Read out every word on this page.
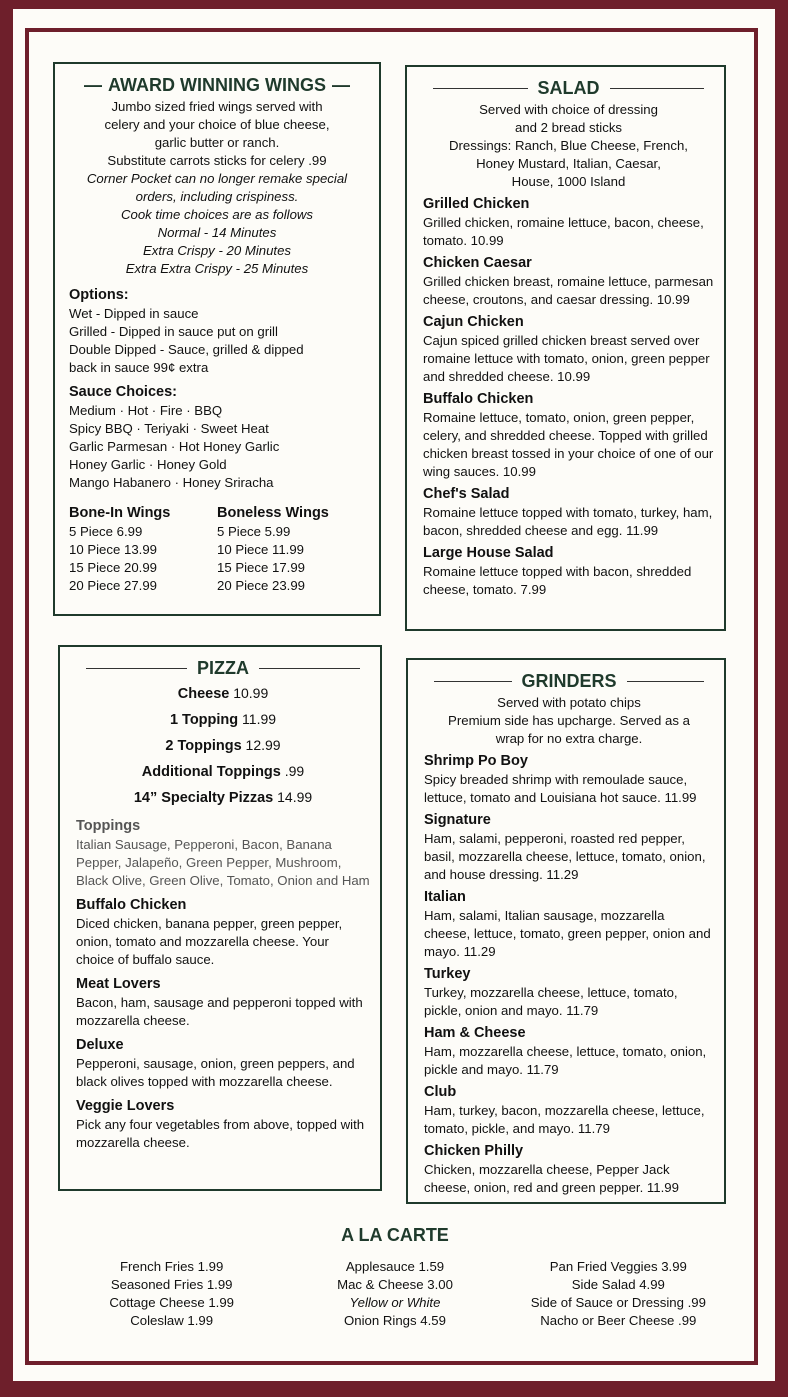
— AWARD WINNING WINGS —
Jumbo sized fried wings served with
celery and your choice of blue cheese,
garlic butter or ranch.
Substitute carrots sticks for celery .99
Corner Pocket can no longer remake special
orders, including crispiness.
Cook time choices are as follows
Normal - 14 Minutes
Extra Crispy - 20 Minutes
Extra Extra Crispy - 25 Minutes
Options:
Wet - Dipped in sauce
Grilled - Dipped in sauce put on grill
Double Dipped - Sauce, grilled & dipped
back in sauce 99¢ extra
Sauce Choices:
Medium · Hot · Fire · BBQ
Spicy BBQ · Teriyaki · Sweet Heat
Garlic Parmesan · Hot Honey Garlic
Honey Garlic · Honey Gold
Mango Habanero · Honey Sriracha
Bone-In Wings
5 Piece 6.99
10 Piece 13.99
15 Piece 20.99
20 Piece 27.99
Boneless Wings
5 Piece 5.99
10 Piece 11.99
15 Piece 17.99
20 Piece 23.99
SALAD
Served with choice of dressing
and 2 bread sticks
Dressings: Ranch, Blue Cheese, French,
Honey Mustard, Italian, Caesar,
House, 1000 Island
Grilled Chicken
Grilled chicken, romaine lettuce, bacon, cheese, tomato. 10.99
Chicken Caesar
Grilled chicken breast, romaine lettuce, parmesan cheese, croutons, and caesar dressing. 10.99
Cajun Chicken
Cajun spiced grilled chicken breast served over romaine lettuce with tomato, onion, green pepper and shredded cheese. 10.99
Buffalo Chicken
Romaine lettuce, tomato, onion, green pepper, celery, and shredded cheese. Topped with grilled chicken breast tossed in your choice of one of our wing sauces. 10.99
Chef's Salad
Romaine lettuce topped with tomato, turkey, ham, bacon, shredded cheese and egg. 11.99
Large House Salad
Romaine lettuce topped with bacon, shredded cheese, tomato. 7.99
PIZZA
Cheese 10.99
1 Topping 11.99
2 Toppings 12.99
Additional Toppings .99
14” Specialty Pizzas 14.99
Toppings
Italian Sausage, Pepperoni, Bacon, Banana Pepper, Jalapeño, Green Pepper, Mushroom, Black Olive, Green Olive, Tomato, Onion and Ham
Buffalo Chicken
Diced chicken, banana pepper, green pepper, onion, tomato and mozzarella cheese. Your choice of buffalo sauce.
Meat Lovers
Bacon, ham, sausage and pepperoni topped with mozzarella cheese.
Deluxe
Pepperoni, sausage, onion, green peppers, and black olives topped with mozzarella cheese.
Veggie Lovers
Pick any four vegetables from above, topped with mozzarella cheese.
GRINDERS
Served with potato chips
Premium side has upcharge. Served as a
wrap for no extra charge.
Shrimp Po Boy
Spicy breaded shrimp with remoulade sauce, lettuce, tomato and Louisiana hot sauce. 11.99
Signature
Ham, salami, pepperoni, roasted red pepper, basil, mozzarella cheese, lettuce, tomato, onion, and house dressing. 11.29
Italian
Ham, salami, Italian sausage, mozzarella cheese, lettuce, tomato, green pepper, onion and mayo. 11.29
Turkey
Turkey, mozzarella cheese, lettuce, tomato, pickle, onion and mayo. 11.79
Ham & Cheese
Ham, mozzarella cheese, lettuce, tomato, onion, pickle and mayo. 11.79
Club
Ham, turkey, bacon, mozzarella cheese, lettuce, tomato, pickle, and mayo. 11.79
Chicken Philly
Chicken, mozzarella cheese, Pepper Jack cheese, onion, red and green pepper. 11.99
A LA CARTE
French Fries 1.99
Seasoned Fries 1.99
Cottage Cheese 1.99
Coleslaw 1.99
Applesauce 1.59
Mac & Cheese 3.00
Yellow or White
Onion Rings 4.59
Pan Fried Veggies 3.99
Side Salad 4.99
Side of Sauce or Dressing .99
Nacho or Beer Cheese .99
